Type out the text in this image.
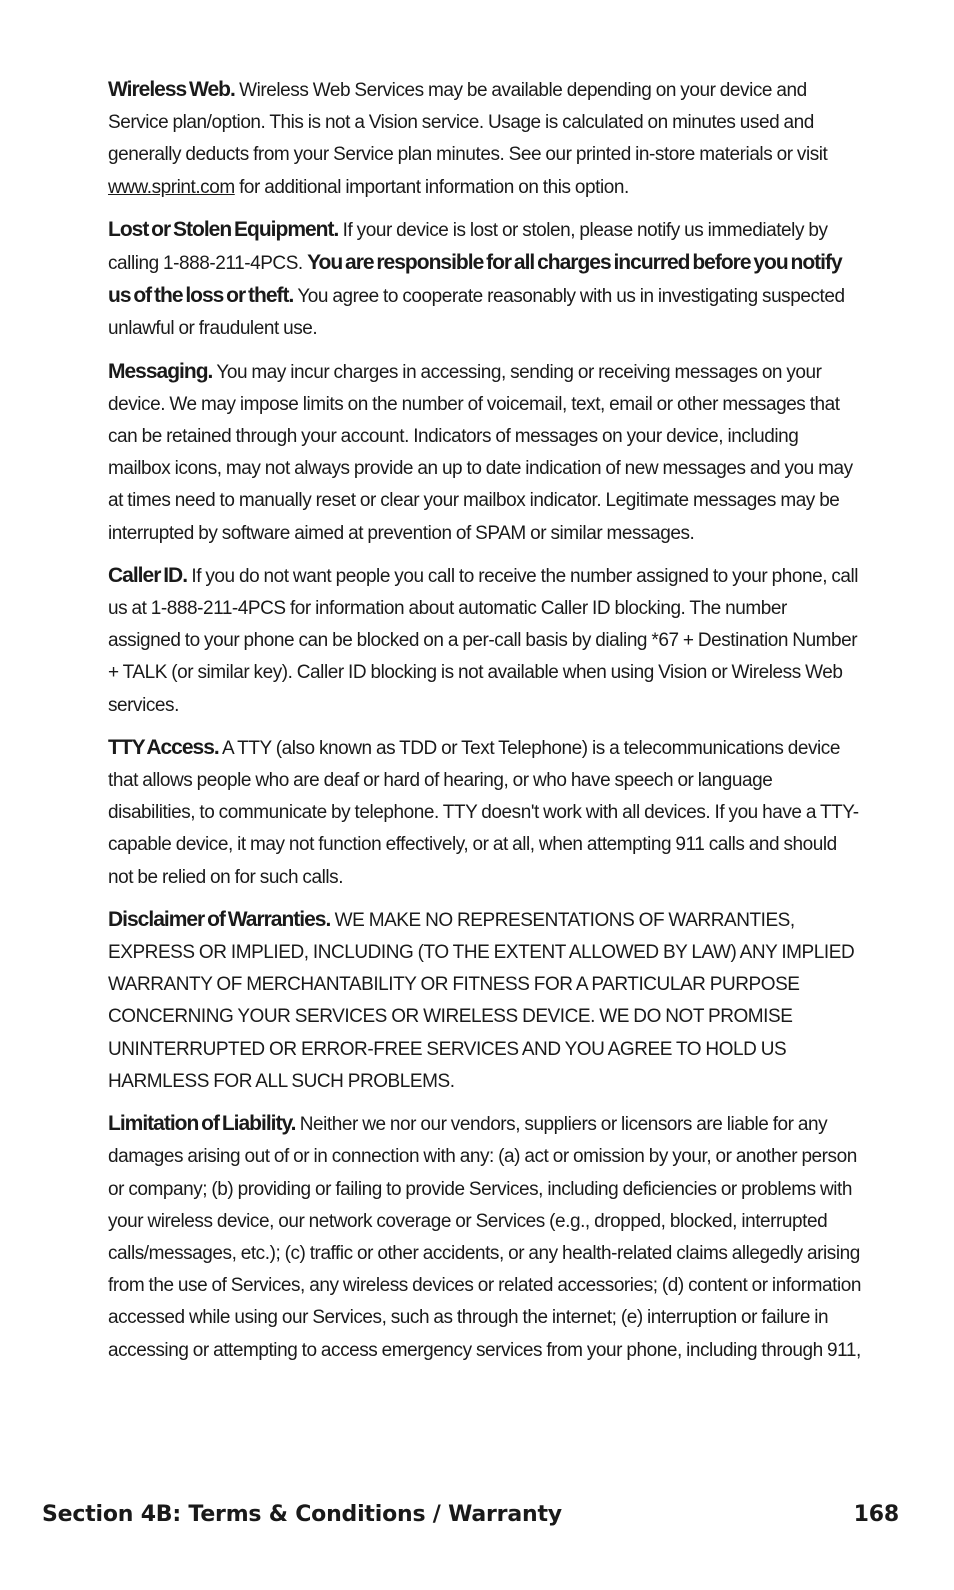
Wireless Web. Wireless Web Services may be available depending on your device and Service plan/option. This is not a Vision service. Usage is calculated on minutes used and generally deducts from your Service plan minutes. See our printed in-store materials or visit www.sprint.com for additional important information on this option.

Lost or Stolen Equipment. If your device is lost or stolen, please notify us immediately by calling 1-888-211-4PCS. You are responsible for all charges incurred before you notify us of the loss or theft. You agree to cooperate reasonably with us in investigating suspected unlawful or fraudulent use.

Messaging. You may incur charges in accessing, sending or receiving messages on your device. We may impose limits on the number of voicemail, text, email or other messages that can be retained through your account. Indicators of messages on your device, including mailbox icons, may not always provide an up to date indication of new messages and you may at times need to manually reset or clear your mailbox indicator. Legitimate messages may be interrupted by software aimed at prevention of SPAM or similar messages.

Caller ID. If you do not want people you call to receive the number assigned to your phone, call us at 1-888-211-4PCS for information about automatic Caller ID blocking. The number assigned to your phone can be blocked on a per-call basis by dialing *67 + Destination Number + TALK (or similar key). Caller ID blocking is not available when using Vision or Wireless Web services.

TTY Access. A TTY (also known as TDD or Text Telephone) is a telecommunications device that allows people who are deaf or hard of hearing, or who have speech or language disabilities, to communicate by telephone. TTY doesn't work with all devices. If you have a TTY-capable device, it may not function effectively, or at all, when attempting 911 calls and should not be relied on for such calls.

Disclaimer of Warranties. WE MAKE NO REPRESENTATIONS OF WARRANTIES, EXPRESS OR IMPLIED, INCLUDING (TO THE EXTENT ALLOWED BY LAW) ANY IMPLIED WARRANTY OF MERCHANTABILITY OR FITNESS FOR A PARTICULAR PURPOSE CONCERNING YOUR SERVICES OR WIRELESS DEVICE. WE DO NOT PROMISE UNINTERRUPTED OR ERROR-FREE SERVICES AND YOU AGREE TO HOLD US HARMLESS FOR ALL SUCH PROBLEMS.

Limitation of Liability. Neither we nor our vendors, suppliers or licensors are liable for any damages arising out of or in connection with any: (a) act or omission by your, or another person or company; (b) providing or failing to provide Services, including deficiencies or problems with your wireless device, our network coverage or Services (e.g., dropped, blocked, interrupted calls/messages, etc.); (c) traffic or other accidents, or any health-related claims allegedly arising from the use of Services, any wireless devices or related accessories; (d) content or information accessed while using our Services, such as through the internet; (e) interruption or failure in accessing or attempting to access emergency services from your phone, including through 911,

Section 4B: Terms & Conditions / Warranty	168
